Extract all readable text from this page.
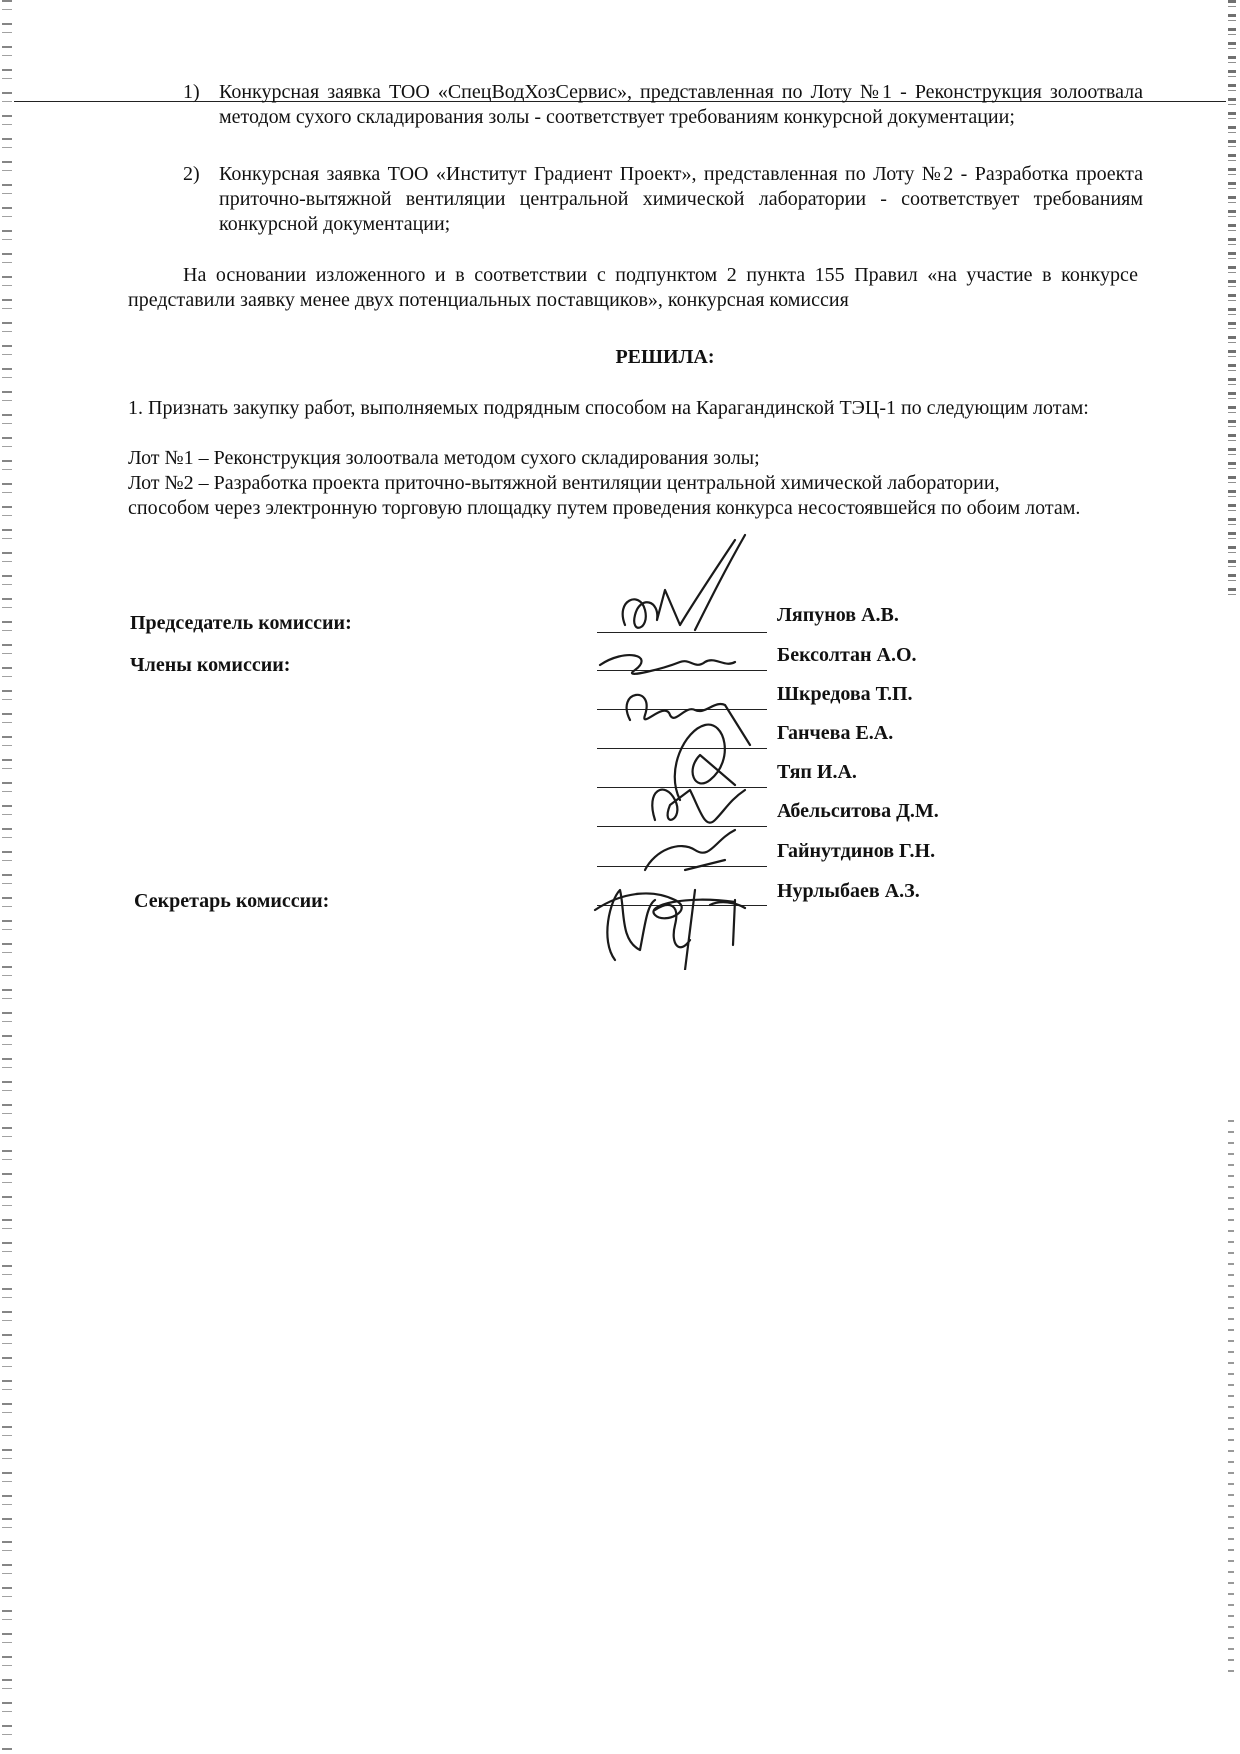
1) Конкурсная заявка ТОО «СпецВодХозСервис», представленная по Лоту №1 - Реконструкция золоотвала методом сухого складирования золы - соответствует требованиям конкурсной документации;
2) Конкурсная заявка ТОО «Институт Градиент Проект», представленная по Лоту №2 - Разработка проекта приточно-вытяжной вентиляции центральной химической лаборатории - соответствует требованиям конкурсной документации;
На основании изложенного и в соответствии с подпунктом 2 пункта 155 Правил «на участие в конкурсе представили заявку менее двух потенциальных поставщиков», конкурсная комиссия
РЕШИЛА:
1. Признать закупку работ, выполняемых подрядным способом на Карагандинской ТЭЦ-1 по следующим лотам:
Лот №1 – Реконструкция золоотвала методом сухого складирования золы;
Лот №2 – Разработка проекта приточно-вытяжной вентиляции центральной химической лаборатории,
способом через электронную торговую площадку путем проведения конкурса несостоявшейся по обоим лотам.
Председатель комиссии:
Члены комиссии:
Секретарь комиссии:
Ляпунов А.В.
Бексолтан А.О.
Шкредова Т.П.
Ганчева Е.А.
Тяп И.А.
Абельситова Д.М.
Гайнутдинов Г.Н.
Нурлыбаев А.З.
